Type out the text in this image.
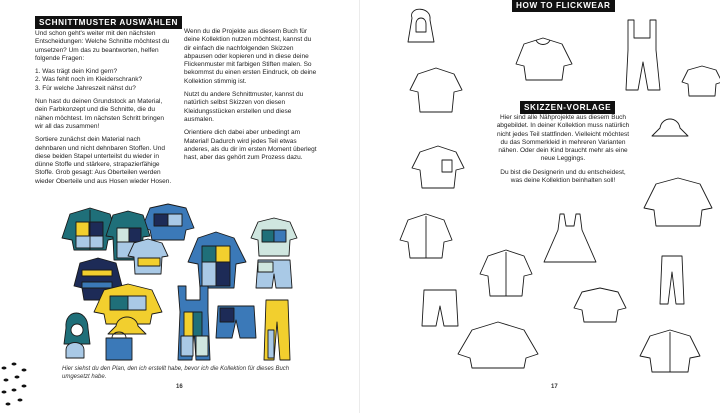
SCHNITTMUSTER AUSWÄHLEN

Und schon geht's weiter mit den nächsten Entscheidungen: Welche Schnitte möchtest du umsetzen? Um das zu beantworten, helfen folgende Fragen:

1. Was trägt dein Kind gern?
2. Was fehlt noch im Kleiderschrank?
3. Für welche Jahreszeit nähst du?

Nun hast du deinen Grundstock an Material, dein Farbkonzept und die Schnitte, die du nähen möchtest. Im nächsten Schritt bringen wir all das zusammen!

Sortiere zunächst dein Material nach dehnbaren und nicht dehnbaren Stoffen. Und diese beiden Stapel unterteilst du wieder in dünne Stoffe und stärkere, strapazierfähige Stoffe. Grob gesagt: Aus Oberteilen werden wieder Oberteile und aus Hosen wieder Hosen.

Wenn du die Projekte aus diesem Buch für deine Kollektion nutzen möchtest, kannst du dir einfach die nachfolgenden Skizzen abpausen oder kopieren und in diese deine Flickenmuster mit farbigen Stiften malen. So bekommst du einen ersten Eindruck, ob deine Kollektion stimmig ist.

Nutzt du andere Schnittmuster, kannst du natürlich selbst Skizzen von diesen Kleidungsstücken erstellen und diese ausmalen.

Orientiere dich dabei aber unbedingt am Material! Dadurch wird jedes Teil etwas anderes, als du dir im ersten Moment überlegt hast, aber das gehört zum Prozess dazu.

Hier siehst du den Plan, den ich erstellt habe, bevor ich die Kollektion für dieses Buch umgesetzt habe.
16
HOW TO FLICKWEAR
SKIZZEN-VORLAGE

Hier sind alle Nähprojekte aus diesem Buch abgebildet. In deiner Kollektion muss natürlich nicht jedes Teil stattfinden. Vielleicht möchtest du das Sommerkleid in mehreren Varianten nähen. Oder dein Kind braucht mehr als eine neue Leggings.

Du bist die Designerin und du entscheidest, was deine Kollektion beinhalten soll!

17
